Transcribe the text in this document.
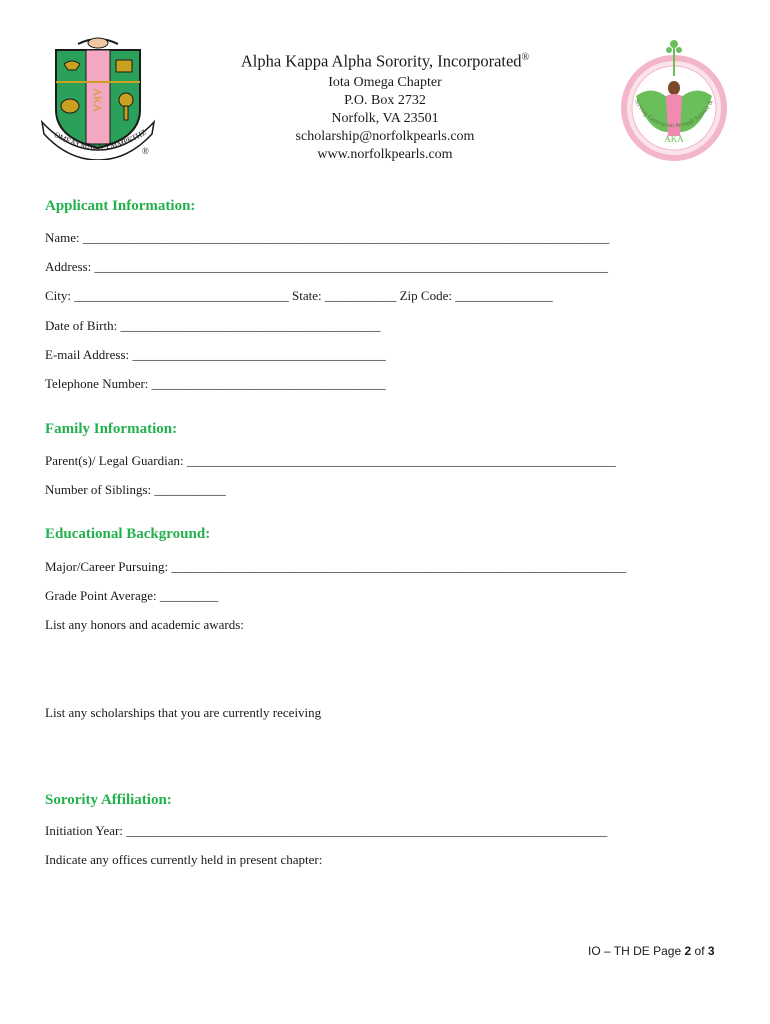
AKA
OMEAYMNEN YMMPETHZ
®
Alpha Kappa Alpha Sorority, Incorporated®
Iota Omega Chapter
P.O. Box 2732
Norfolk, VA 23501
scholarship@norfolkpearls.com
www.norfolkpearls.com
AKA
Serving Generation through Service &
Applicant Information:
Name: _________________________________________________________________________________
Address: _______________________________________________________________________________
City: _________________________________ State: ___________ Zip Code: _______________
Date of Birth: ________________________________________
E-mail Address: _______________________________________
Telephone Number: ____________________________________
Family Information:
Parent(s)/ Legal Guardian: __________________________________________________________________
Number of Siblings: ___________
Educational Background:
Major/Career Pursuing: ______________________________________________________________________
Grade Point Average: _________
List any honors and academic awards:
List any scholarships that you are currently receiving
Sorority Affiliation:
Initiation Year: __________________________________________________________________________
Indicate any offices currently held in present chapter:
IO – TH DE Page 2 of 3
